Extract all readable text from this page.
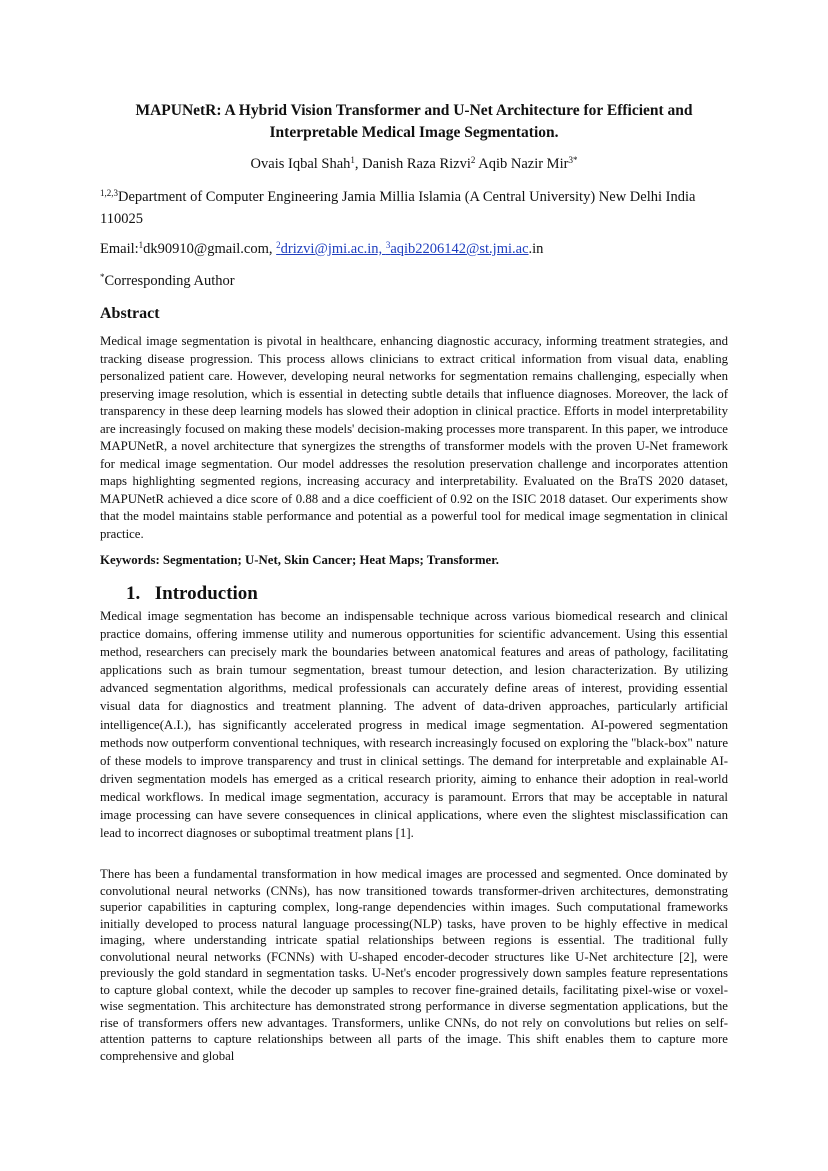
MAPUNetR: A Hybrid Vision Transformer and U-Net Architecture for Efficient and Interpretable Medical Image Segmentation.
Ovais Iqbal Shah$^1$, Danish Raza Rizvi$^2$ Aqib Nazir Mir$^{3*}$
$^{1,2,3}$Department of Computer Engineering Jamia Millia Islamia (A Central University) New Delhi India 110025
Email:$^1$dk90910@gmail.com, $^2$drizvi@jmi.ac.in, $^3$aqib2206142@st.jmi.ac.in
*Corresponding Author
Abstract

Medical image segmentation is pivotal in healthcare, enhancing diagnostic accuracy, informing treatment strategies, and tracking disease progression. This process allows clinicians to extract critical information from visual data, enabling personalized patient care. However, developing neural networks for segmentation remains challenging, especially when preserving image resolution, which is essential in detecting subtle details that influence diagnoses. Moreover, the lack of transparency in these deep learning models has slowed their adoption in clinical practice. Efforts in model interpretability are increasingly focused on making these models' decision-making processes more transparent. In this paper, we introduce MAPUNetR, a novel architecture that synergizes the strengths of transformer models with the proven U-Net framework for medical image segmentation. Our model addresses the resolution preservation challenge and incorporates attention maps highlighting segmented regions, increasing accuracy and interpretability. Evaluated on the BraTS 2020 dataset, MAPUNetR achieved a dice score of 0.88 and a dice coefficient of 0.92 on the ISIC 2018 dataset. Our experiments show that the model maintains stable performance and potential as a powerful tool for medical image segmentation in clinical practice.

Keywords: Segmentation; U-Net, Skin Cancer; Heat Maps; Transformer.
1. Introduction

Medical image segmentation has become an indispensable technique across various biomedical research and clinical practice domains, offering immense utility and numerous opportunities for scientific advancement. Using this essential method, researchers can precisely mark the boundaries between anatomical features and areas of pathology, facilitating applications such as brain tumour segmentation, breast tumour detection, and lesion characterization. By utilizing advanced segmentation algorithms, medical professionals can accurately define areas of interest, providing essential visual data for diagnostics and treatment planning. The advent of data-driven approaches, particularly artificial intelligence(A.I.), has significantly accelerated progress in medical image segmentation. AI-powered segmentation methods now outperform conventional techniques, with research increasingly focused on exploring the "black-box" nature of these models to improve transparency and trust in clinical settings. The demand for interpretable and explainable AI-driven segmentation models has emerged as a critical research priority, aiming to enhance their adoption in real-world medical workflows. In medical image segmentation, accuracy is paramount. Errors that may be acceptable in natural image processing can have severe consequences in clinical applications, where even the slightest misclassification can lead to incorrect diagnoses or suboptimal treatment plans [1].

There has been a fundamental transformation in how medical images are processed and segmented. Once dominated by convolutional neural networks (CNNs), has now transitioned towards transformer-driven architectures, demonstrating superior capabilities in capturing complex, long-range dependencies within images. Such computational frameworks initially developed to process natural language processing(NLP) tasks, have proven to be highly effective in medical imaging, where understanding intricate spatial relationships between regions is essential. The traditional fully convolutional neural networks (FCNNs) with U-shaped encoder-decoder structures like U-Net architecture [2], were previously the gold standard in segmentation tasks. U-Net's encoder progressively down samples feature representations to capture global context, while the decoder up samples to recover fine-grained details, facilitating pixel-wise or voxel-wise segmentation. This architecture has demonstrated strong performance in diverse segmentation applications, but the rise of transformers offers new advantages. Transformers, unlike CNNs, do not rely on convolutions but relies on self-attention patterns to capture relationships between all parts of the image. This shift enables them to capture more comprehensive and global
